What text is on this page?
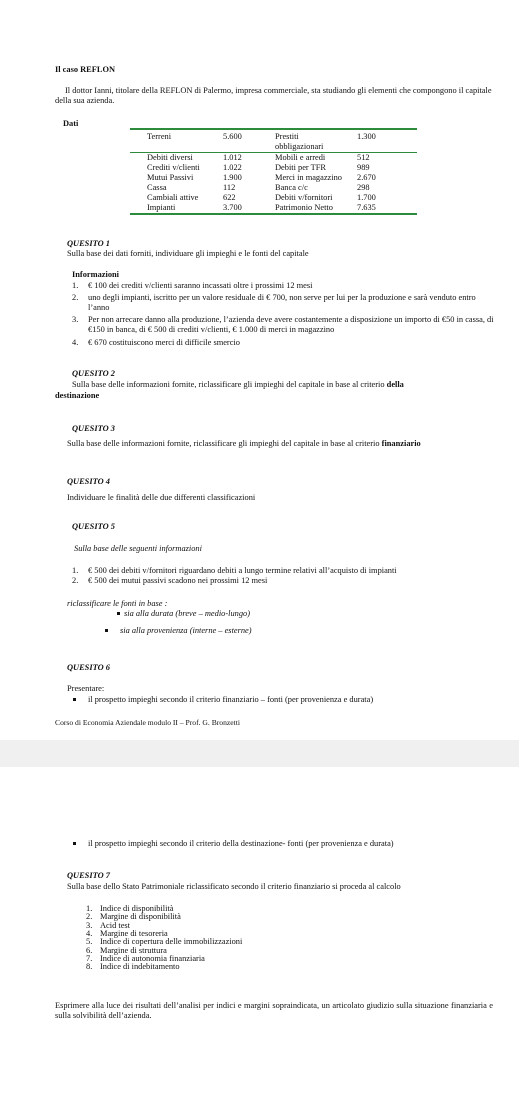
Il caso REFLON
Il dottor Ianni, titolare della REFLON di Palermo, impresa commerciale, sta studiando gli elementi che compongono il capitale della sua azienda.
Dati
Terreni	5.600	Prestiti obbligazionari	1.300
Debiti diversi	1.012	Mobili e arredi	512
Crediti v/clienti	1.022	Debiti per TFR	989
Mutui Passivi	1.900	Merci in magazzino	2.670
Cassa	112	Banca c/c	298
Cambiali attive	622	Debiti v/fornitori	1.700
Impianti	3.700	Patrimonio Netto	7.635
QUESITO 1
Sulla base dei dati forniti, individuare gli impieghi e le fonti del capitale
Informazioni
1. € 100 dei crediti v/clienti saranno incassati oltre i prossimi 12 mesi
2. uno degli impianti, iscritto per un valore residuale di € 700, non serve per lui per la produzione e sarà venduto entro l’anno
3. Per non arrecare danno alla produzione, l’azienda deve avere costantemente a disposizione un importo di €50 in cassa, di €150 in banca, di € 500 di crediti v/clienti, € 1.000 di merci in magazzino
4. € 670 costituiscono merci di difficile smercio
QUESITO 2
Sulla base delle informazioni fornite, riclassificare gli impieghi del capitale in base al criterio della
destinazione
QUESITO 3
Sulla base delle informazioni fornite, riclassificare gli impieghi del capitale in base al criterio finanziario
QUESITO 4
Individuare le finalità delle due differenti classificazioni
QUESITO 5
Sulla base delle seguenti informazioni
1. € 500 dei debiti v/fornitori riguardano debiti a lungo termine relativi all’acquisto di impianti
2. € 500 dei mutui passivi scadono nei prossimi 12 mesi
riclassificare le fonti in base :
sia alla durata (breve – medio-lungo)
sia alla provenienza (interne – esterne)
QUESITO 6
Presentare:
il prospetto impieghi secondo il criterio finanziario – fonti (per provenienza e durata)
Corso di Economia Aziendale modulo II – Prof. G. Bronzetti
il prospetto impieghi secondo il criterio della destinazione- fonti (per provenienza e durata)
QUESITO 7
Sulla base dello Stato Patrimoniale riclassificato secondo il criterio finanziario si proceda al calcolo
1. Indice di disponibilità
2. Margine di disponibilità
3. Acid test
4. Margine di tesoreria
5. Indice di copertura delle immobilizzazioni
6. Margine di struttura
7. Indice di autonomia finanziaria
8. Indice di indebitamento
Esprimere alla luce dei risultati dell’analisi per indici e margini sopraindicata, un articolato giudizio sulla situazione finanziaria e sulla solvibilità dell’azienda.
